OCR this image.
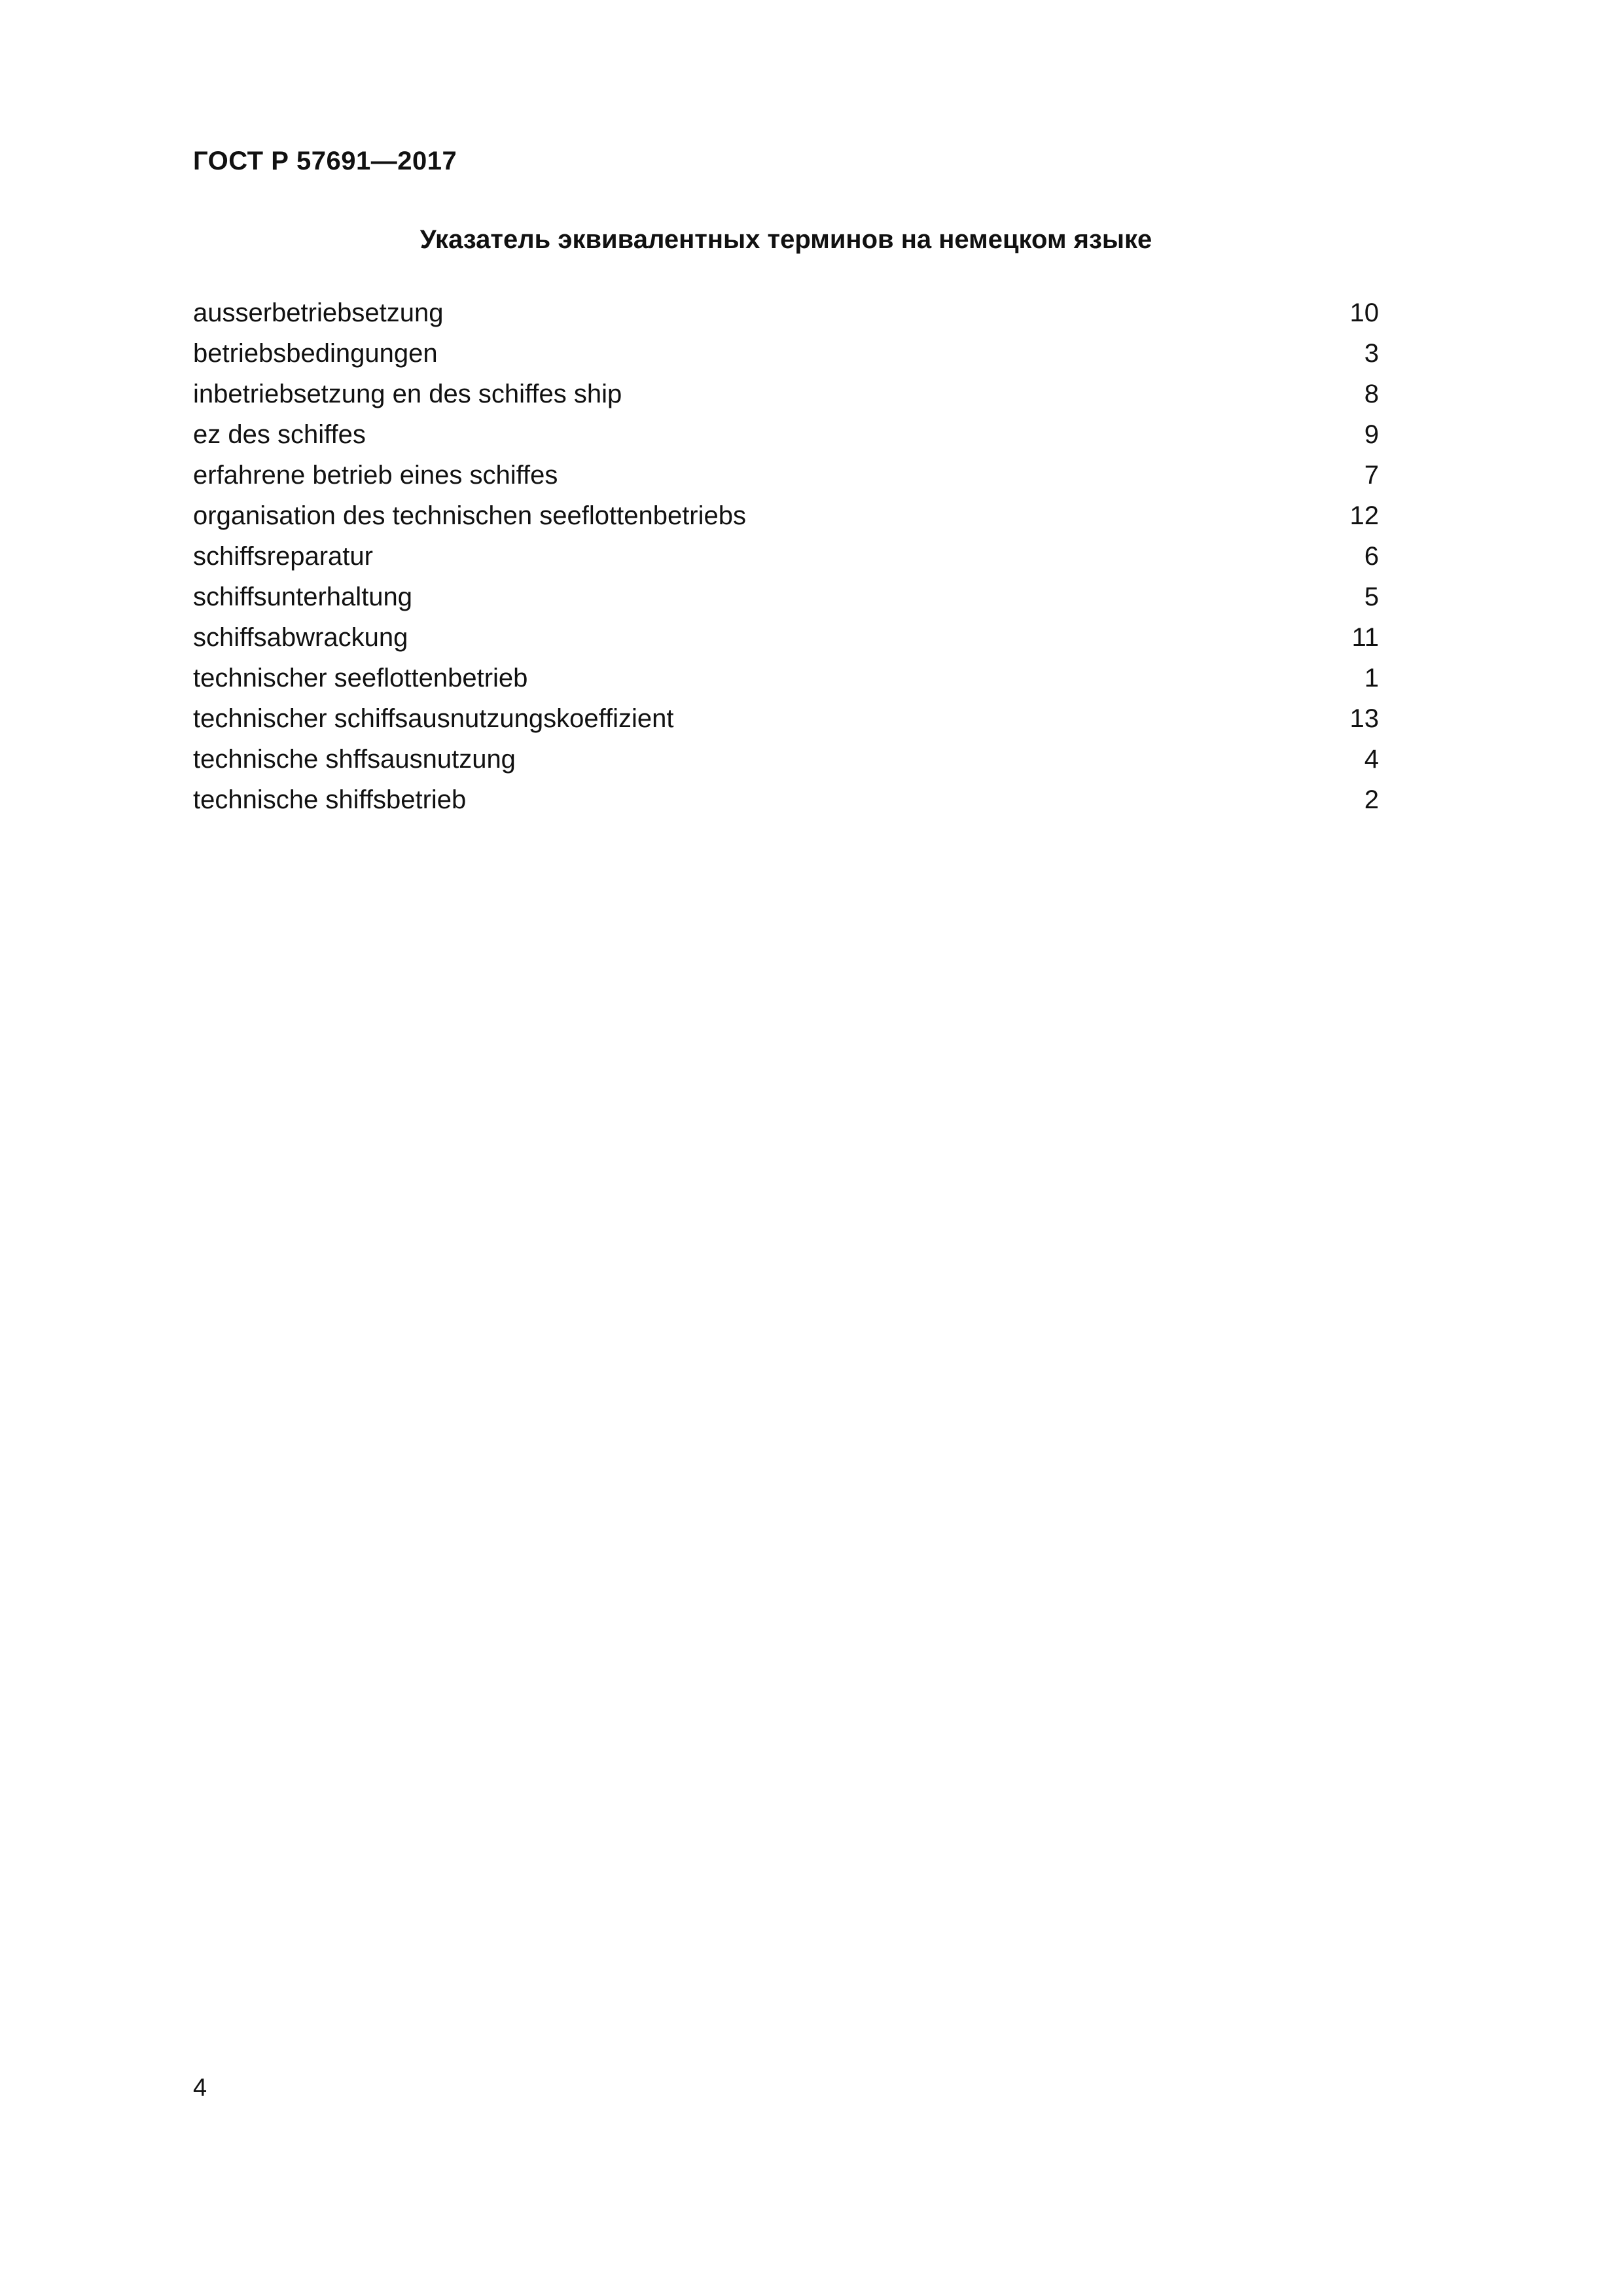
ГОСТ Р 57691—2017
Указатель эквивалентных терминов на немецком языке
ausserbetriebsetzung	10
betriebsbedingungen	3
inbetriebsetzung en des schiffes ship	8
ez des schiffes	9
erfahrene betrieb eines schiffes	7
organisation des technischen seeflottenbetriebs	12
schiffsreparatur	6
schiffsunterhaltung	5
schiffsabwrackung	11
technischer seeflottenbetrieb	1
technischer schiffsausnutzungskoeffizient	13
technische shffsausnutzung	4
technische shiffsbetrieb	2
4
